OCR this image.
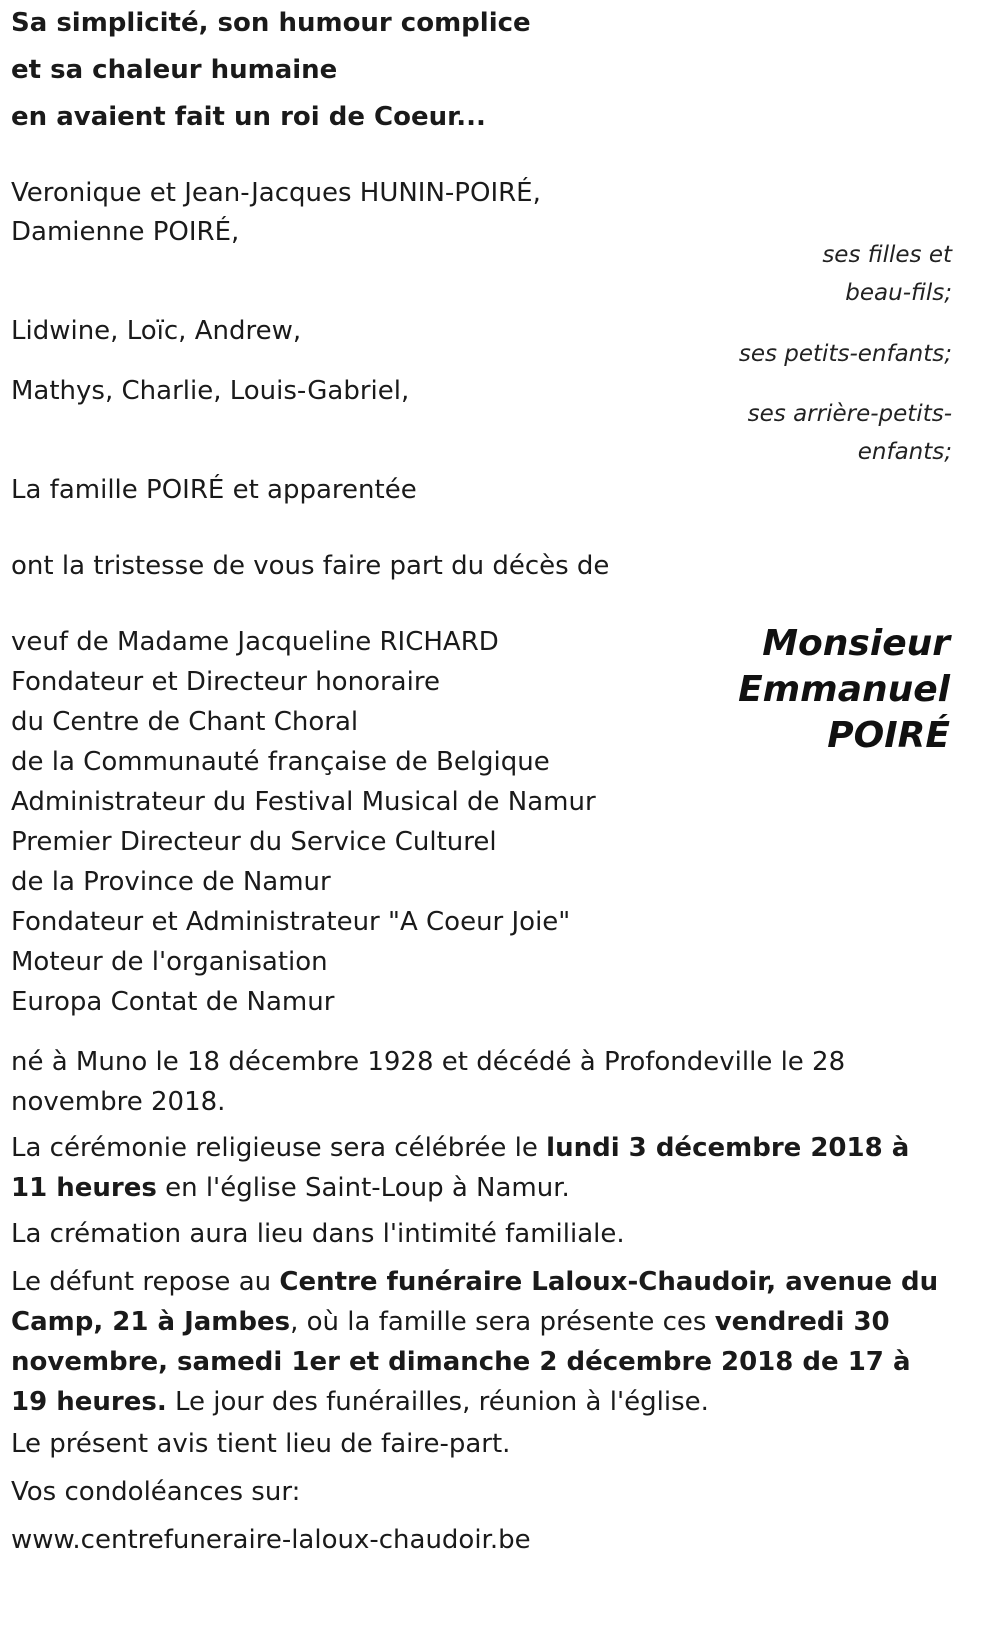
Sa simplicité, son humour complice
et sa chaleur humaine
en avaient fait un roi de Coeur...
Veronique et Jean-Jacques HUNIN-POIRÉ,
Damienne POIRÉ,
ses filles et
beau-fils;
Lidwine, Loïc, Andrew,
ses petits-enfants;
Mathys, Charlie, Louis-Gabriel,
ses arrière-petits-
enfants;
La famille POIRÉ et apparentée
ont la tristesse de vous faire part du décès de
Monsieur
Emmanuel
POIRÉ
veuf de Madame Jacqueline RICHARD
Fondateur et Directeur honoraire
du Centre de Chant Choral
de la Communauté française de Belgique
Administrateur du Festival Musical de Namur
Premier Directeur du Service Culturel
de la Province de Namur
Fondateur et Administrateur "A Coeur Joie"
Moteur de l'organisation
Europa Contat de Namur
né à Muno le 18 décembre 1928 et décédé à Profondeville le 28 novembre 2018.
La cérémonie religieuse sera célébrée le lundi 3 décembre 2018 à 11 heures en l'église Saint-Loup à Namur.
La crémation aura lieu dans l'intimité familiale.
Le défunt repose au Centre funéraire Laloux-Chaudoir, avenue du Camp, 21 à Jambes, où la famille sera présente ces vendredi 30 novembre, samedi 1er et dimanche 2 décembre 2018 de 17 à 19 heures. Le jour des funérailles, réunion à l'église.
Le présent avis tient lieu de faire-part.
Vos condoléances sur:
www.centrefuneraire-laloux-chaudoir.be
